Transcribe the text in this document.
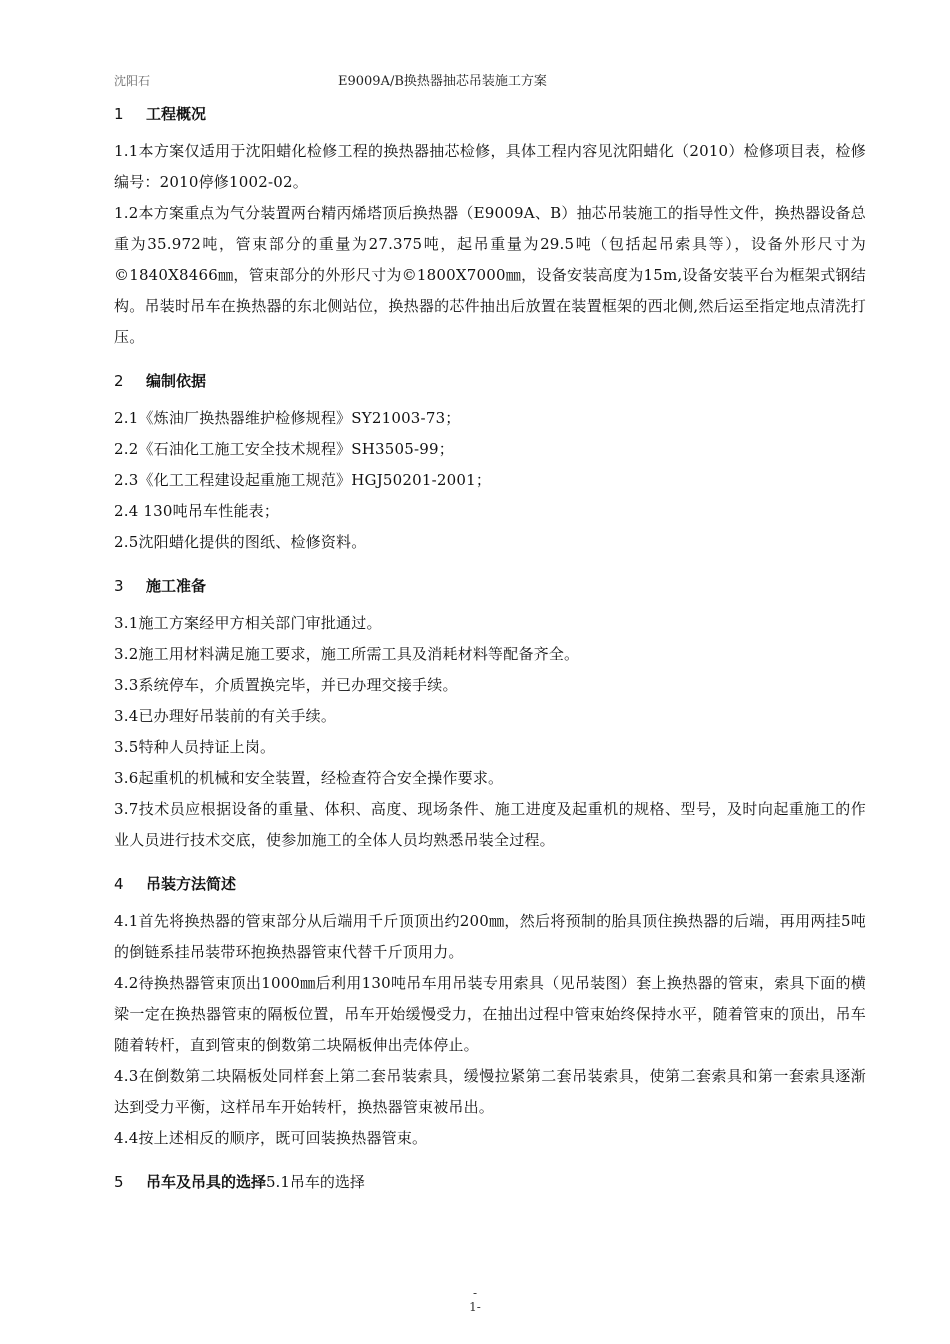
沈阳石	E9009A/B换热器抽芯吊装施工方案
1 工程概况

1.1本方案仅适用于沈阳蜡化检修工程的换热器抽芯检修，具体工程内容见沈阳蜡化（2010）检修项目表，检修编号：2010停修1002-02。

1.2本方案重点为气分装置两台精丙烯塔顶后换热器（E9009A、B）抽芯吊装施工的指导性文件，换热器设备总重为35.972吨，管束部分的重量为27.375吨，起吊重量为29.5吨（包括起吊索具等），设备外形尺寸为©1840X8466㎜，管束部分的外形尺寸为©1800X7000㎜，设备安装高度为15m,设备安装平台为框架式钢结构。吊装时吊车在换热器的东北侧站位，换热器的芯件抽出后放置在装置框架的西北侧,然后运至指定地点清洗打压。

2 编制依据

2.1《炼油厂换热器维护检修规程》SY21003-73；

2.2《石油化工施工安全技术规程》SH3505-99；

2.3《化工工程建设起重施工规范》HGJ50201-2001；

2.4 130吨吊车性能表；

2.5沈阳蜡化提供的图纸、检修资料。

3 施工准备

3.1施工方案经甲方相关部门审批通过。

3.2施工用材料满足施工要求，施工所需工具及消耗材料等配备齐全。

3.3系统停车，介质置换完毕，并已办理交接手续。

3.4已办理好吊装前的有关手续。

3.5特种人员持证上岗。

3.6起重机的机械和安全装置，经检查符合安全操作要求。

3.7技术员应根据设备的重量、体积、高度、现场条件、施工进度及起重机的规格、型号，及时向起重施工的作业人员进行技术交底，使参加施工的全体人员均熟悉吊装全过程。

4 吊装方法简述

4.1首先将换热器的管束部分从后端用千斤顶顶出约200㎜，然后将预制的胎具顶住换热器的后端，再用两挂5吨的倒链系挂吊装带环抱换热器管束代替千斤顶用力。

4.2待换热器管束顶出1000㎜后利用130吨吊车用吊装专用索具（见吊装图）套上换热器的管束，索具下面的横梁一定在换热器管束的隔板位置，吊车开始缓慢受力，在抽出过程中管束始终保持水平，随着管束的顶出，吊车随着转杆，直到管束的倒数第二块隔板伸出壳体停止。

4.3在倒数第二块隔板处同样套上第二套吊装索具，缓慢拉紧第二套吊装索具，使第二套索具和第一套索具逐渐达到受力平衡，这样吊车开始转杆，换热器管束被吊出。

4.4按上述相反的顺序，既可回装换热器管束。

5 吊车及吊具的选择5.1吊车的选择
-
1-
